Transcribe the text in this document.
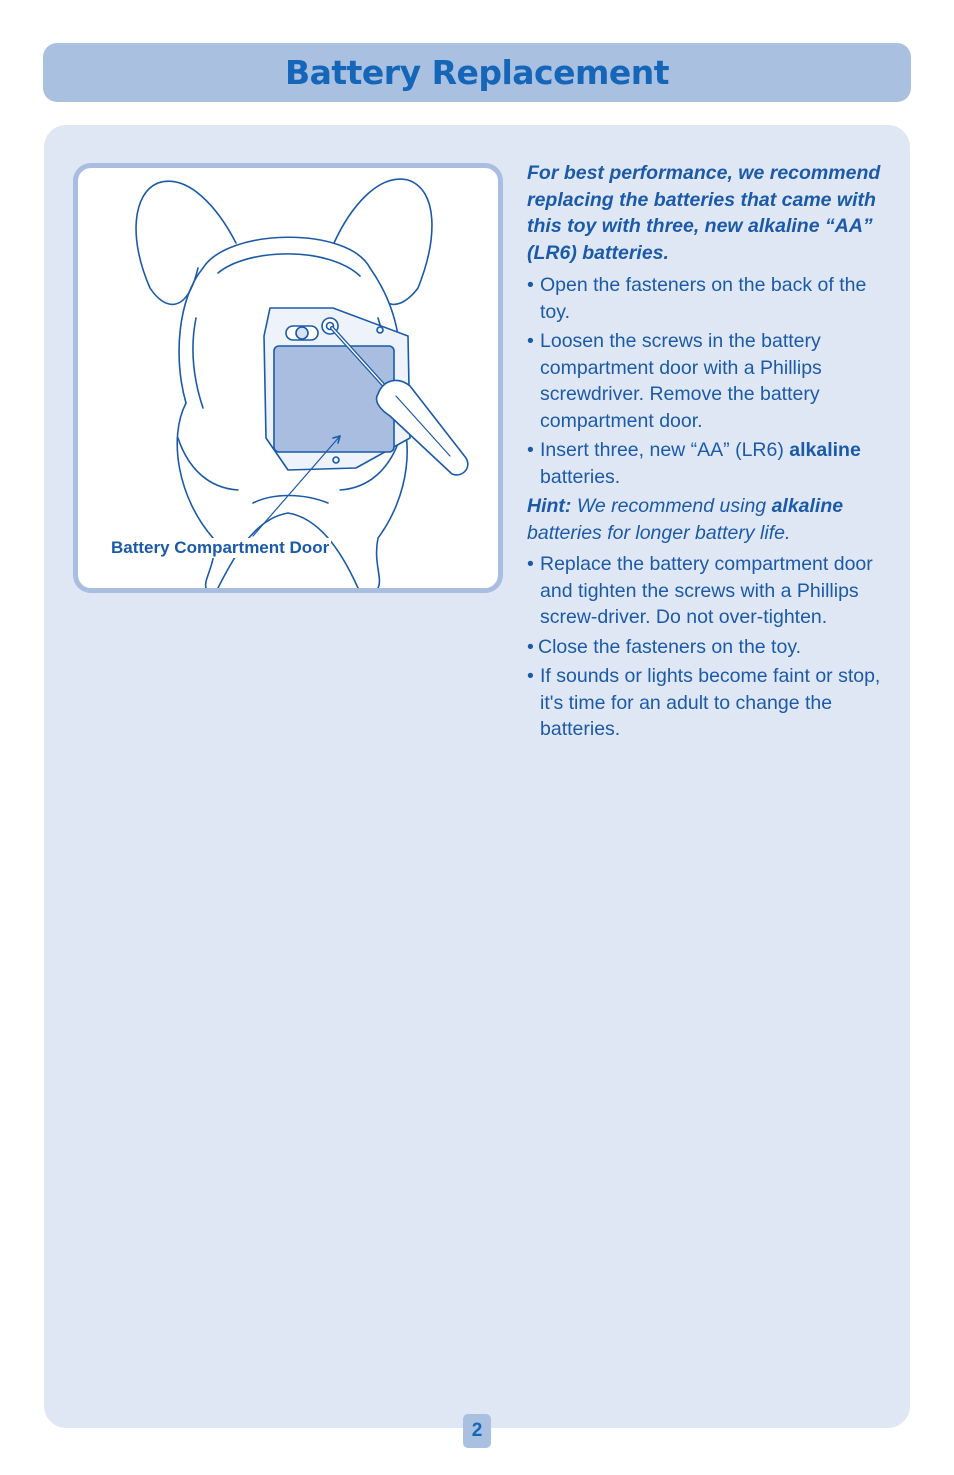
Battery Replacement
Battery Compartment Door

For best performance, we recommend replacing the batteries that came with this toy with three, new alkaline “AA” (LR6) batteries.

• Open the fasteners on the back of the toy.
• Loosen the screws in the battery compartment door with a Phillips screwdriver. Remove the battery compartment door.
• Insert three, new “AA” (LR6) alkaline batteries.

Hint: We recommend using alkaline batteries for longer battery life.

• Replace the battery compartment door and tighten the screws with a Phillips screw-driver. Do not over-tighten.
• Close the fasteners on the toy.
• If sounds or lights become faint or stop, it's time for an adult to change the batteries.
2
